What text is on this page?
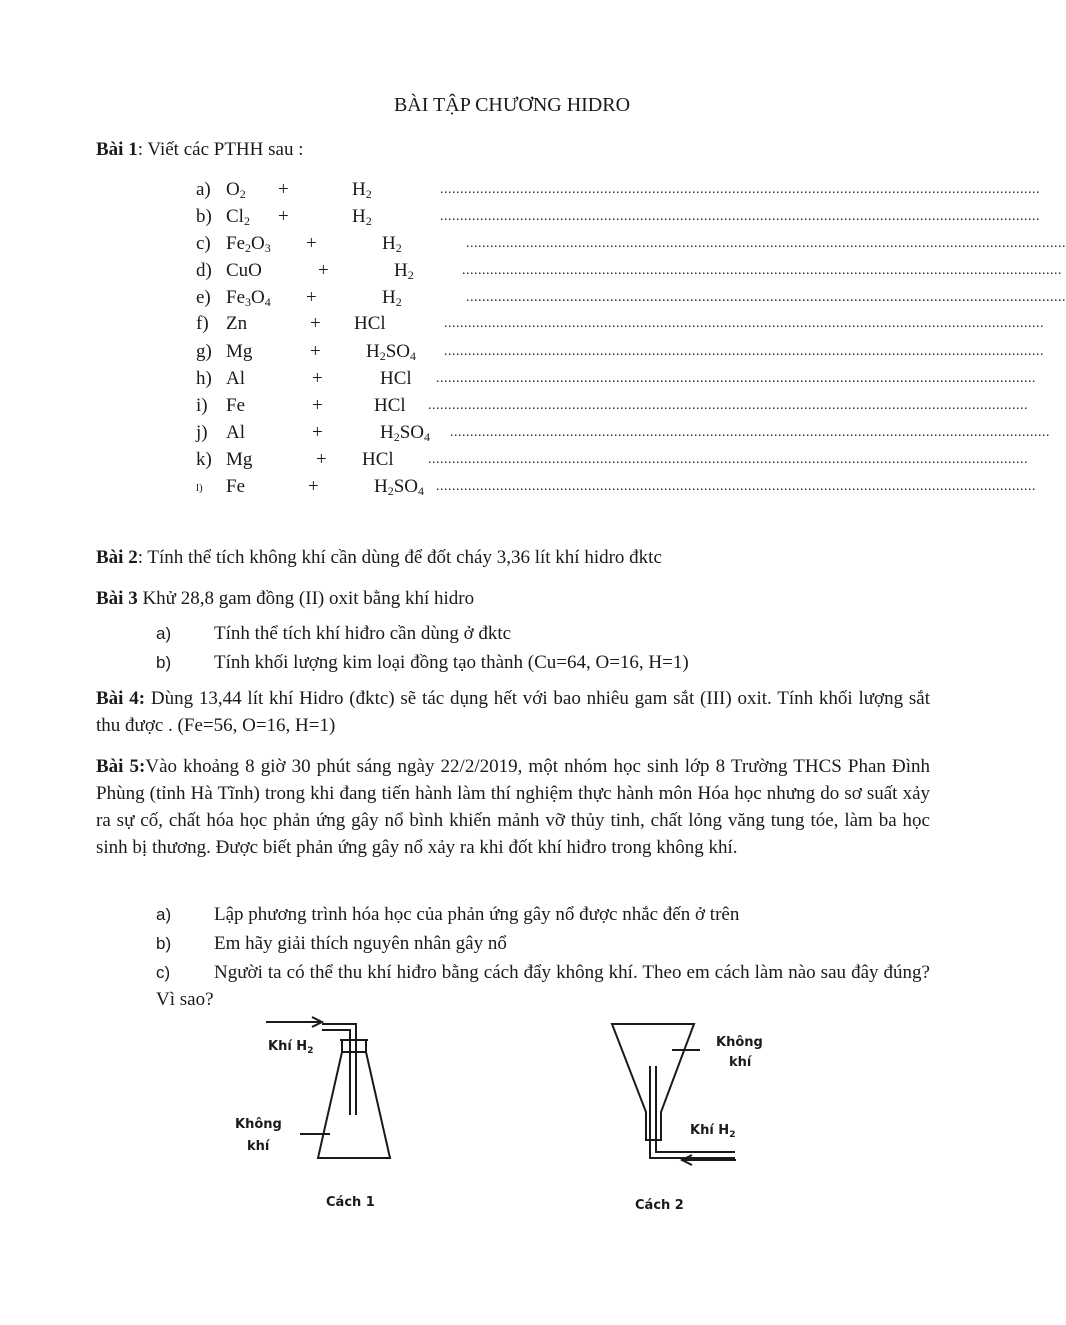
BÀI TẬP CHƯƠNG HIDRO
Bài 1: Viết các PTHH sau :
a) $O_2$ +	$H_2$	......................................................................................................................................................
b) $Cl_2$ +	$H_2$	......................................................................................................................................................
c) $Fe_2O_3$ +	$H_2$	......................................................................................................................................................
d) CuO	+	$H_2$	......................................................................................................................................................
e) $Fe_3O_4$ +	$H_2$	......................................................................................................................................................
f) Zn	+ HCl	......................................................................................................................................................
g) Mg	+ $H_2SO_4$ ......................................................................................................................................................
h) Al	+	HCl ......................................................................................................................................................
i) Fe	+	HCl ......................................................................................................................................................
j) Al	+	$H_2SO_4$ ......................................................................................................................................................
k) Mg	+ HCl ......................................................................................................................................................
l) Fe	+	$H_2SO_4$ ......................................................................................................................................................
Bài 2: Tính thể tích không khí cần dùng để đốt cháy 3,36 lít khí hidro đktc
Bài 3 Khử 28,8 gam đồng (II) oxit bằng khí hidro
a) Tính thể tích khí hiđro cần dùng ở đktc
b) Tính khối lượng kim loại đồng tạo thành (Cu=64, O=16, H=1)
Bài 4: Dùng 13,44 lít khí Hidro (đktc) sẽ tác dụng hết với bao nhiêu gam sắt (III) oxit. Tính khối lượng sắt thu được . (Fe=56, O=16, H=1)
Bài 5:Vào khoảng 8 giờ 30 phút sáng ngày 22/2/2019, một nhóm học sinh lớp 8 Trường THCS Phan Đình Phùng (tỉnh Hà Tĩnh) trong khi đang tiến hành làm thí nghiệm thực hành môn Hóa học nhưng do sơ suất xảy ra sự cố, chất hóa học phản ứng gây nổ bình khiến mảnh vỡ thủy tinh, chất lỏng văng tung tóe, làm ba học sinh bị thương. Được biết phản ứng gây nổ xảy ra khi đốt khí hiđro trong không khí.
a) Lập phương trình hóa học của phản ứng gây nổ được nhắc đến ở trên
b) Em hãy giải thích nguyên nhân gây nổ
c)	Người ta có thể thu khí hiđro bằng cách đẩy không khí. Theo em cách làm nào sau đây đúng? Vì sao?
Khí $H_2$
Không
khí
Không
khí
Khí $H_2$
Cách 1	Cách 2
